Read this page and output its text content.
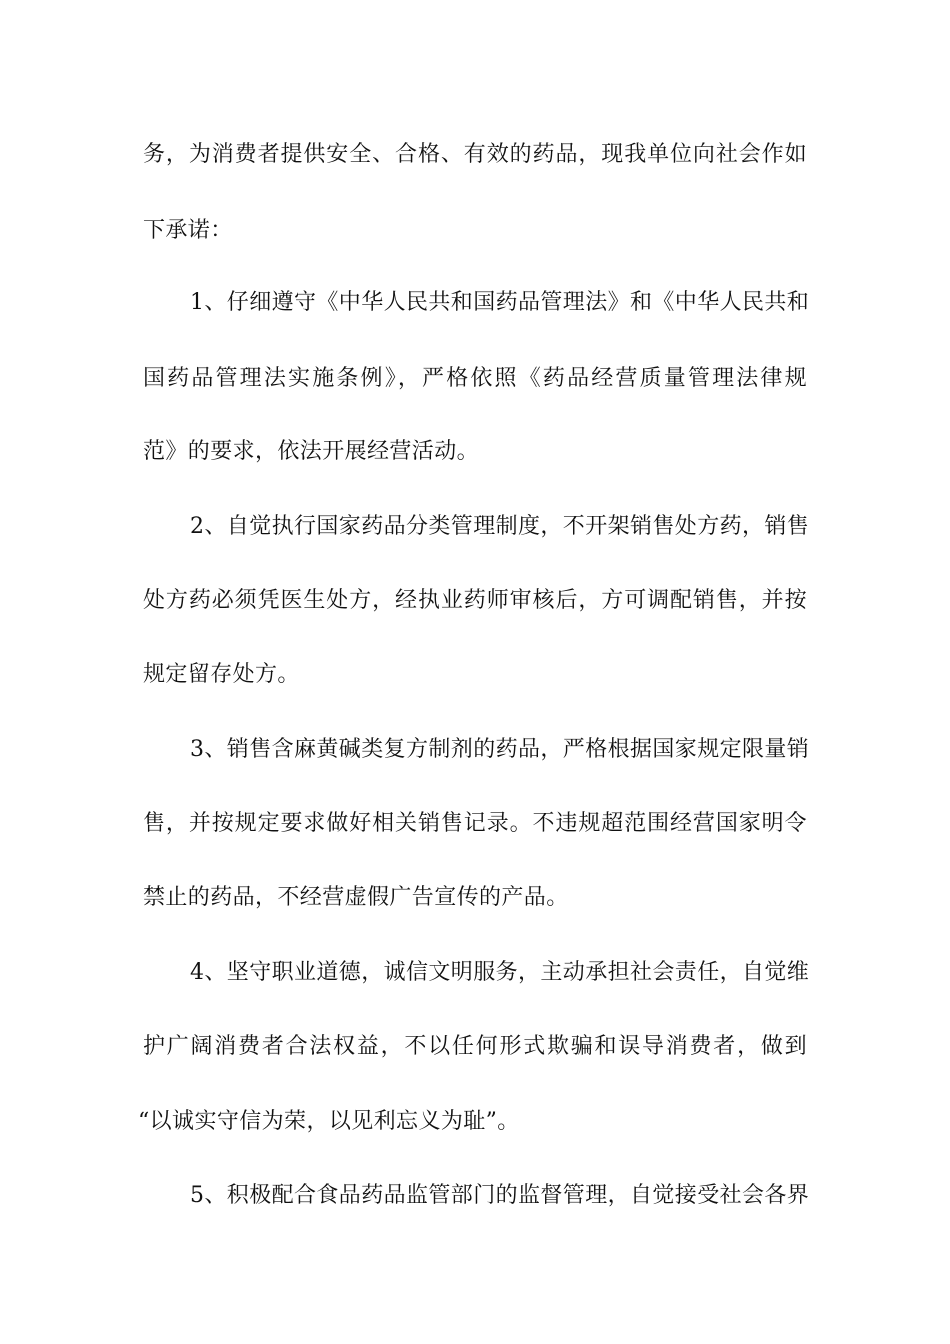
务，为消费者提供安全、合格、有效的药品，现我单位向社会作如
下承诺：
1、仔细遵守《中华人民共和国药品管理法》和《中华人民共和
国药品管理法实施条例》，严格依照《药品经营质量管理法律规
范》的要求，依法开展经营活动。
2、自觉执行国家药品分类管理制度，不开架销售处方药，销售
处方药必须凭医生处方，经执业药师审核后，方可调配销售，并按
规定留存处方。
3、销售含麻黄碱类复方制剂的药品，严格根据国家规定限量销
售，并按规定要求做好相关销售记录。不违规超范围经营国家明令
禁止的药品，不经营虚假广告宣传的产品。
4、坚守职业道德，诚信文明服务，主动承担社会责任，自觉维
护广阔消费者合法权益，不以任何形式欺骗和误导消费者，做到
“以诚实守信为荣，以见利忘义为耻”。
5、积极配合食品药品监管部门的监督管理，自觉接受社会各界
